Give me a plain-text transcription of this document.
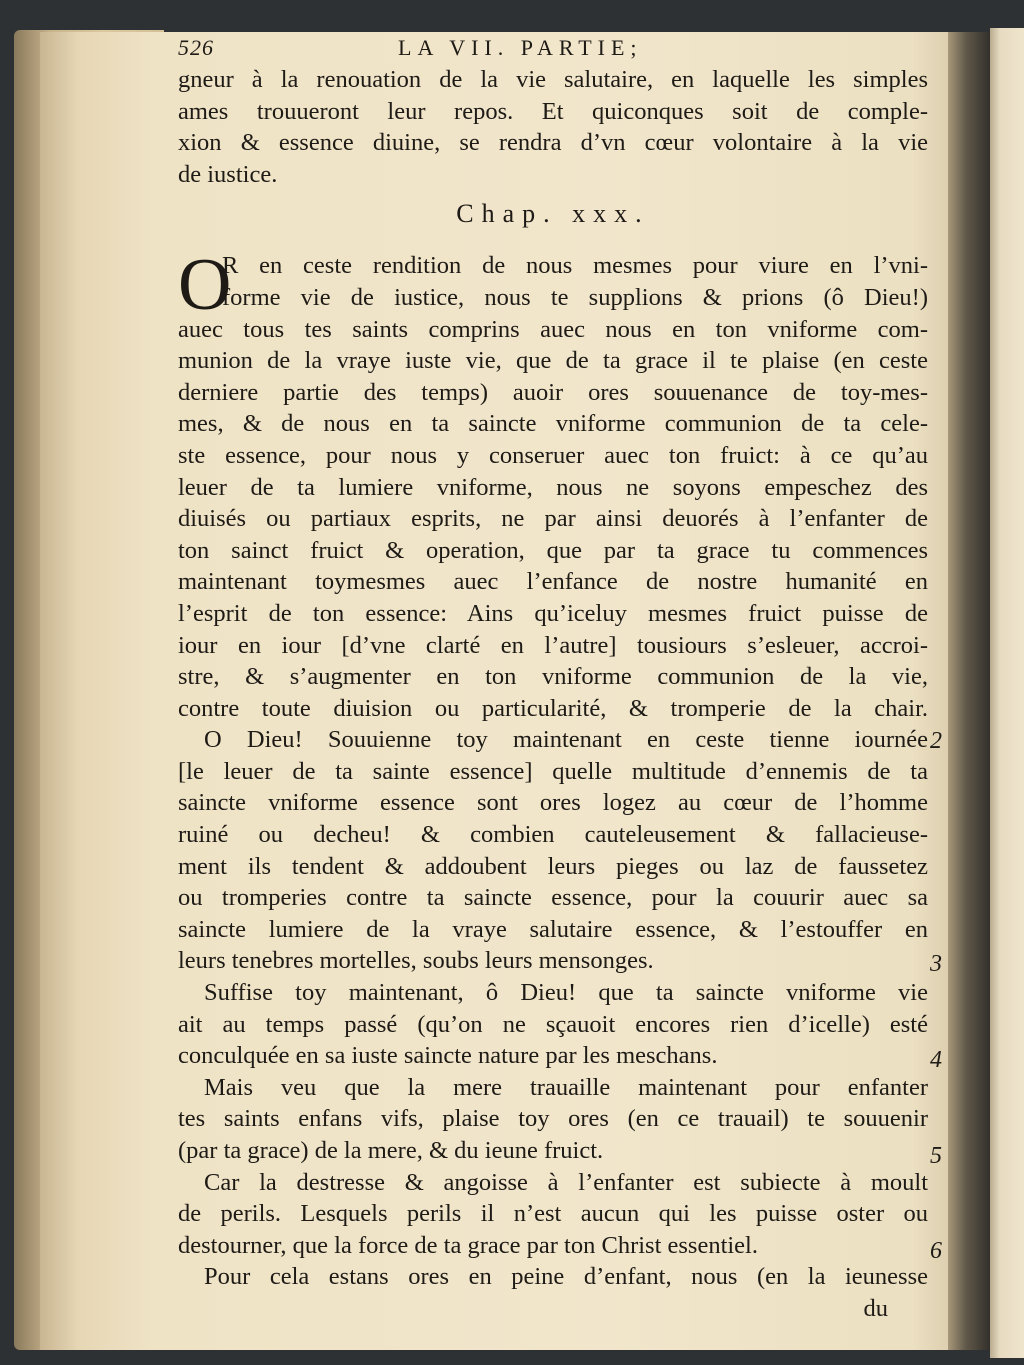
526	LA VII. PARTIE;
gneur à la renouation de la vie salutaire, en laquelle les simples
ames trouueront leur repos. Et quiconques soit de comple-
xion & essence diuine, se rendra d’vn cœur volontaire à la vie
de iustice.
Chap. xxx.
O
R en ceste rendition de nous mesmes pour viure en l’vni-
forme vie de iustice, nous te supplions & prions (ô Dieu!)
auec tous tes saints comprins auec nous en ton vniforme com-
munion de la vraye iuste vie, que de ta grace il te plaise (en ceste
derniere partie des temps) auoir ores souuenance de toy-mes-
mes, & de nous en ta saincte vniforme communion de ta cele-
ste essence, pour nous y conseruer auec ton fruict: à ce qu’au
leuer de ta lumiere vniforme, nous ne soyons empeschez des
diuisés ou partiaux esprits, ne par ainsi deuorés à l’enfanter de
ton sainct fruict & operation, que par ta grace tu commences
maintenant toymesmes auec l’enfance de nostre humanité en
l’esprit de ton essence: Ains qu’iceluy mesmes fruict puisse de
iour en iour [d’vne clarté en l’autre] tousiours s’esleuer, accroi-
stre, & s’augmenter en ton vniforme communion de la vie,
contre toute diuision ou particularité, & tromperie de la chair.
O Dieu! Souuienne toy maintenant en ceste tienne iournée
[le leuer de ta sainte essence] quelle multitude d’ennemis de ta
saincte vniforme essence sont ores logez au cœur de l’homme
ruiné ou decheu! & combien cauteleusement & fallacieuse-
ment ils tendent & addoubent leurs pieges ou laz de faussetez
ou tromperies contre ta saincte essence, pour la couurir auec sa
saincte lumiere de la vraye salutaire essence, & l’estouffer en
leurs tenebres mortelles, soubs leurs mensonges.
Suffise toy maintenant, ô Dieu! que ta saincte vniforme vie
ait au temps passé (qu’on ne sçauoit encores rien d’icelle) esté
conculquée en sa iuste saincte nature par les meschans.
Mais veu que la mere trauaille maintenant pour enfanter
tes saints enfans vifs, plaise toy ores (en ce trauail) te souuenir
(par ta grace) de la mere, & du ieune fruict.
Car la destresse & angoisse à l’enfanter est subiecte à moult
de perils. Lesquels perils il n’est aucun qui les puisse oster ou
destourner, que la force de ta grace par ton Christ essentiel.
Pour cela estans ores en peine d’enfant, nous (en la ieunesse
du
2
3
4
5
6
